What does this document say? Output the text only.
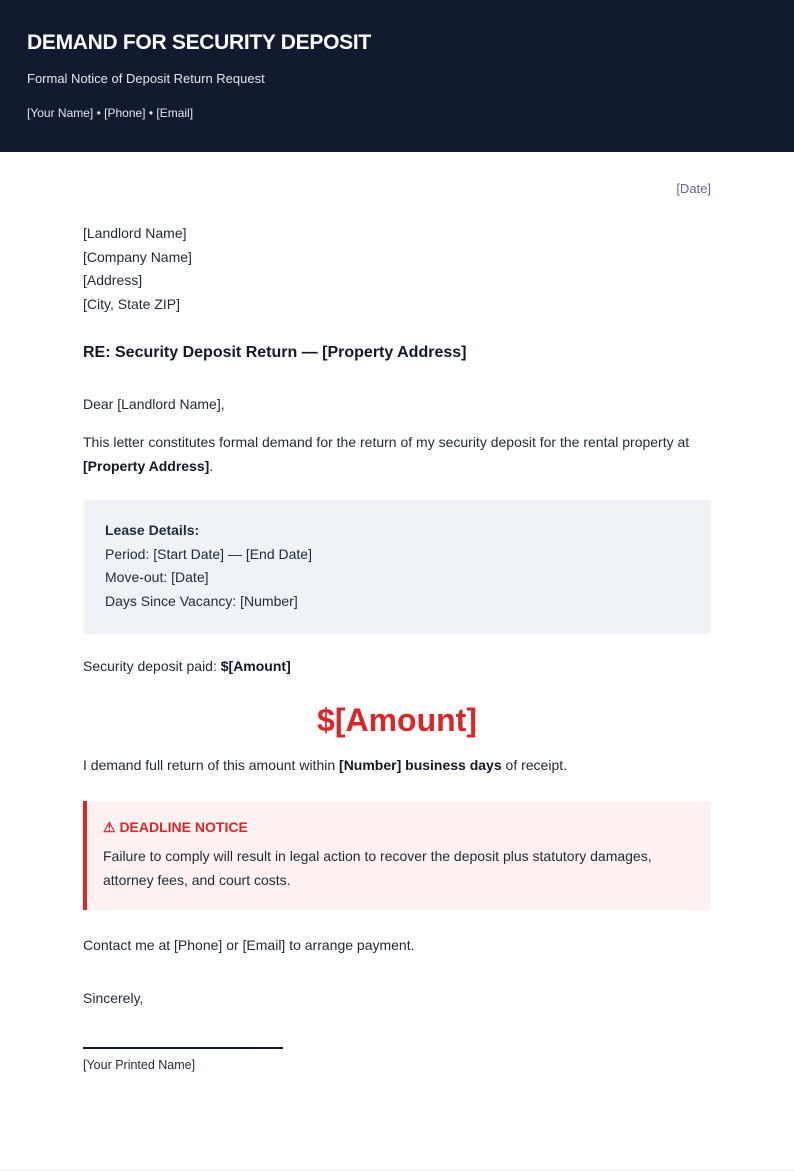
DEMAND FOR SECURITY DEPOSIT
Formal Notice of Deposit Return Request
[Your Name] • [Phone] • [Email]
[Date]
[Landlord Name]
[Company Name]
[Address]
[City, State ZIP]
RE: Security Deposit Return — [Property Address]
Dear [Landlord Name],
This letter constitutes formal demand for the return of my security deposit for the rental property at [Property Address].
Lease Details:
Period: [Start Date] — [End Date]
Move-out: [Date]
Days Since Vacancy: [Number]
Security deposit paid: $[Amount]
$[Amount]
I demand full return of this amount within [Number] business days of receipt.
⚠ DEADLINE NOTICE
Failure to comply will result in legal action to recover the deposit plus statutory damages, attorney fees, and court costs.
Contact me at [Phone] or [Email] to arrange payment.
Sincerely,
[Your Printed Name]
